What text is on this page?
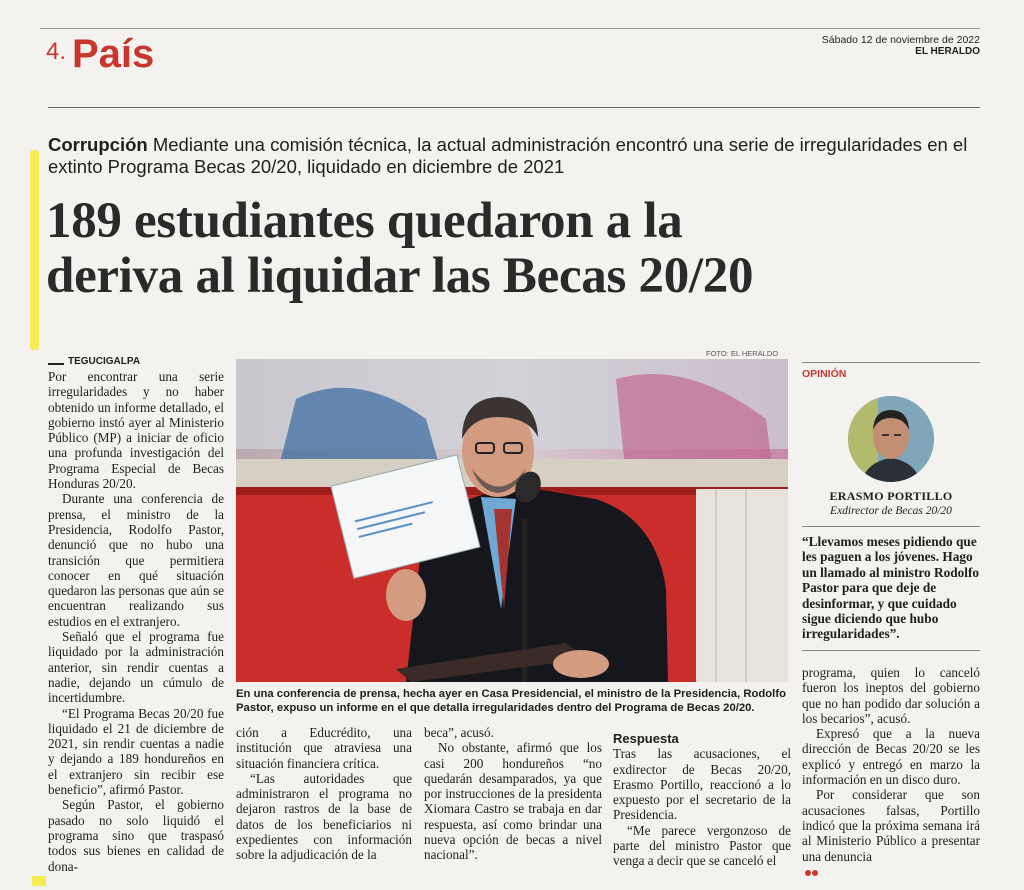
4. País	Sábado 12 de noviembre de 2022
EL HERALDO
Corrupción Mediante una comisión técnica, la actual administración encontró una serie de irregularidades en el extinto Programa Becas 20/20, liquidado en diciembre de 2021
189 estudiantes quedaron a la
deriva al liquidar las Becas 20/20
TEGUCIGALPA

Por encontrar una serie irregularidades y no haber obtenido un informe detallado, el gobierno instó ayer al Ministerio Público (MP) a iniciar de oficio una profunda investigación del Programa Especial de Becas Honduras 20/20.

Durante una conferencia de prensa, el ministro de la Presidencia, Rodolfo Pastor, denunció que no hubo una transición que permitiera conocer en qué situación quedaron las personas que aún se encuentran realizando sus estudios en el extranjero.

Señaló que el programa fue liquidado por la administración anterior, sin rendir cuentas a nadie, dejando un cúmulo de incertidumbre.

“El Programa Becas 20/20 fue liquidado el 21 de diciembre de 2021, sin rendir cuentas a nadie y dejando a 189 hondureños en el extranjero sin recibir ese beneficio”, afirmó Pastor.

Según Pastor, el gobierno pasado no solo liquidó el programa sino que traspasó todos sus bienes en calidad de dona-

FOTO: EL HERALDO
En una conferencia de prensa, hecha ayer en Casa Presidencial, el ministro de la Presidencia, Rodolfo Pastor, expuso un informe en el que detalla irregularidades dentro del Programa de Becas 20/20.

ción a Educrédito, una institución que atraviesa una situación financiera crítica.

“Las autoridades que administraron el programa no dejaron rastros de la base de datos de los beneficiarios ni expedientes con información sobre la adjudicación de la

beca”, acusó.

No obstante, afirmó que los casi 200 hondureños “no quedarán desamparados, ya que por instrucciones de la presidenta Xiomara Castro se trabaja en dar respuesta, así como brindar una nueva opción de becas a nivel nacional”.

Respuesta

Tras las acusaciones, el exdirector de Becas 20/20, Erasmo Portillo, reaccionó a lo expuesto por el secretario de la Presidencia.

“Me parece vergonzoso de parte del ministro Pastor que venga a decir que se canceló el

programa, quien lo canceló fueron los ineptos del gobierno que no han podido dar solución a los becarios”, acusó.

Expresó que a la nueva dirección de Becas 20/20 se les explicó y entregó en marzo la información en un disco duro.

Por considerar que son acusaciones falsas, Portillo indicó que la próxima semana irá al Ministerio Público a presentar una denuncia

OPINIÓN
ERASMO PORTILLO
Exdirector de Becas 20/20
“Llevamos meses pidiendo que les paguen a los jóvenes. Hago un llamado al ministro Rodolfo Pastor para que deje de desinformar, y que cuidado sigue diciendo que hubo irregularidades”.
